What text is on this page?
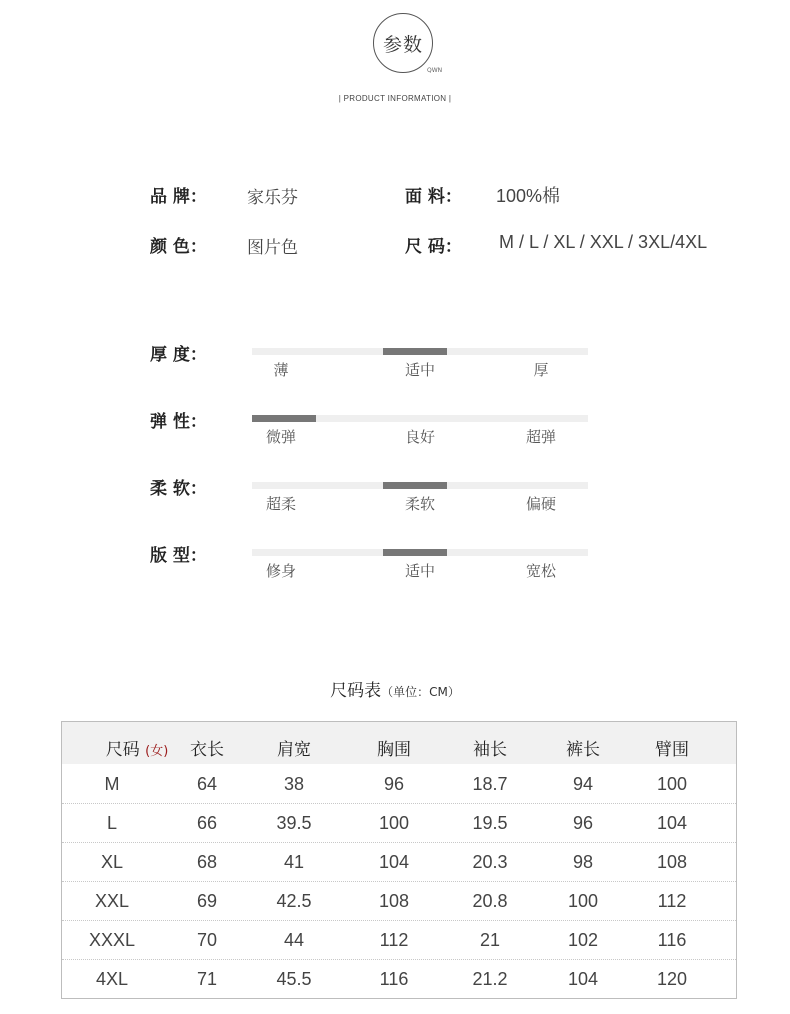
参数
QWN
| PRODUCT INFORMATION |
品 牌： 家乐芬	面 料： 100%棉
颜 色： 图片色	尺 码： M / L / XL / XXL / 3XL/4XL
厚 度：
薄	适中	厚
弹 性：
微弹	良好	超弹
柔 软：
超柔	柔软	偏硬
版 型：
修身	适中	宽松
尺码表（单位：CM）
尺码 (女)	衣长	肩宽	胸围	袖长	裤长	臂围
M	64	38	96	18.7	94	100
L	66	39.5	100	19.5	96	104
XL	68	41	104	20.3	98	108
XXL	69	42.5	108	20.8	100	112
XXXL	70	44	112	21	102	116
4XL	71	45.5	116	21.2	104	120
